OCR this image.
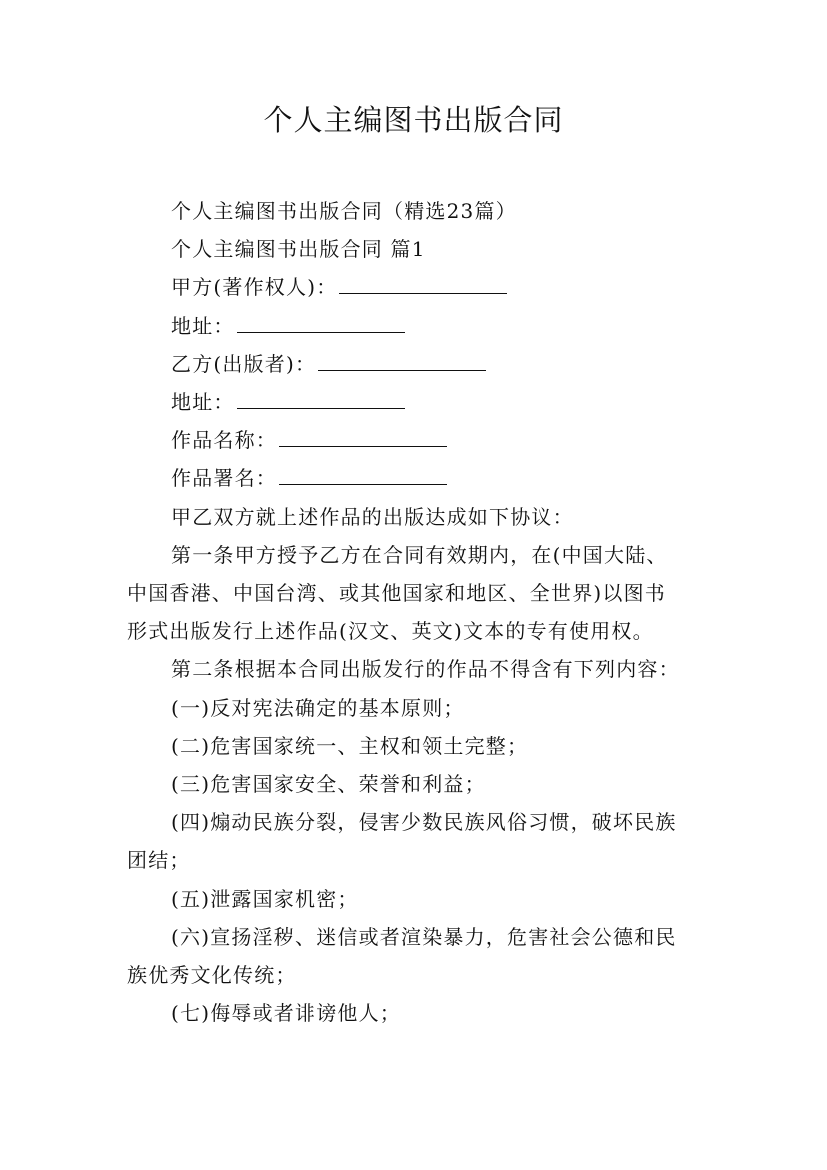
个人主编图书出版合同

个人主编图书出版合同（精选23篇）

个人主编图书出版合同 篇1

甲方(著作权人)：

地址：

乙方(出版者)：

地址：

作品名称：

作品署名：

甲乙双方就上述作品的出版达成如下协议：

第一条甲方授予乙方在合同有效期内，在(中国大陆、

中国香港、中国台湾、或其他国家和地区、全世界)以图书

形式出版发行上述作品(汉文、英文)文本的专有使用权。

第二条根据本合同出版发行的作品不得含有下列内容：

(一)反对宪法确定的基本原则；

(二)危害国家统一、主权和领土完整；

(三)危害国家安全、荣誉和利益；

(四)煽动民族分裂，侵害少数民族风俗习惯，破坏民族

团结；

(五)泄露国家机密；

(六)宣扬淫秽、迷信或者渲染暴力，危害社会公德和民

族优秀文化传统；

(七)侮辱或者诽谤他人；
